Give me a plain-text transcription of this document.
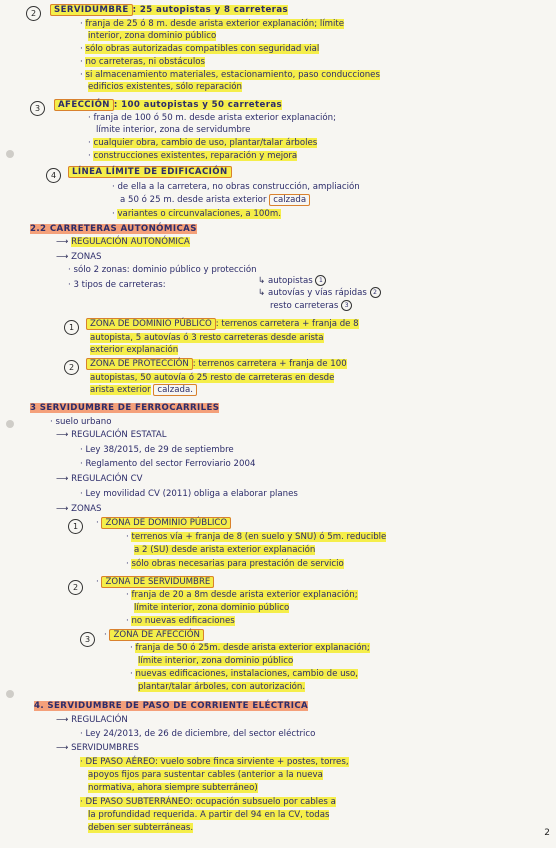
2	SERVIDUMBRE : 25 autopistas y 8 carreteras
· franja de 25 ó 8 m. desde arista exterior explanación; límite
interior, zona dominio público
· sólo obras autorizadas compatibles con seguridad vial
· no carreteras, ni obstáculos
· si almacenamiento materiales, estacionamiento, paso conducciones
edificios existentes, sólo reparación
3	AFECCIÓN : 100 autopistas y 50 carreteras
· franja de 100 ó 50 m. desde arista exterior explanación;
límite interior, zona de servidumbre
· cualquier obra, cambio de uso, plantar/talar árboles
· construcciones existentes, reparación y mejora
4	LÍNEA LÍMITE DE EDIFICACIÓN
· de ella a la carretera, no obras construcción, ampliación
a 50 ó 25 m. desde arista exterior calzada
· variantes o circunvalaciones, a 100m.
2.2 CARRETERAS AUTONÓMICAS
⟶ REGULACIÓN AUTONÓMICA
⟶ ZONAS
· sólo 2 zonas: dominio público y protección
· 3 tipos de carreteras:	↳ autopistas 1
↳ autovías y vías rápidas 2
resto carreteras 3
1	ZONA DE DOMINIO PÚBLICO : terrenos carretera + franja de 8
autopista, 5 autovías ó 3 resto carreteras desde arista
exterior explanación
2	ZONA DE PROTECCIÓN : terrenos carretera + franja de 100
autopistas, 50 autovía ó 25 resto de carreteras en desde
arista exterior calzada.
3 SERVIDUMBRE DE FERROCARRILES
· suelo urbano
⟶ REGULACIÓN ESTATAL
· Ley 38/2015, de 29 de septiembre
· Reglamento del sector Ferroviario 2004
⟶ REGULACIÓN CV
· Ley movilidad CV (2011) obliga a elaborar planes
⟶ ZONAS
1	· ZONA DE DOMINIO PÚBLICO
· terrenos vía + franja de 8 (en suelo y SNU) ó 5m. reducible
a 2 (SU) desde arista exterior explanación
· sólo obras necesarias para prestación de servicio
2
· ZONA DE SERVIDUMBRE
· franja de 20 a 8m desde arista exterior explanación;
límite interior, zona dominio público
· no nuevas edificaciones
3	· ZONA DE AFECCIÓN
· franja de 50 ó 25m. desde arista exterior explanación;
límite interior, zona dominio público
· nuevas edificaciones, instalaciones, cambio de uso,
plantar/talar árboles, con autorización.
4. SERVIDUMBRE DE PASO DE CORRIENTE ELÉCTRICA
⟶ REGULACIÓN
· Ley 24/2013, de 26 de diciembre, del sector eléctrico
⟶ SERVIDUMBRES
· DE PASO AÉREO: vuelo sobre finca sirviente + postes, torres,
apoyos fijos para sustentar cables (anterior a la nueva
normativa, ahora siempre subterráneo)
· DE PASO SUBTERRÁNEO: ocupación subsuelo por cables a
la profundidad requerida. A partir del 94 en la CV, todas
deben ser subterráneas.	2
